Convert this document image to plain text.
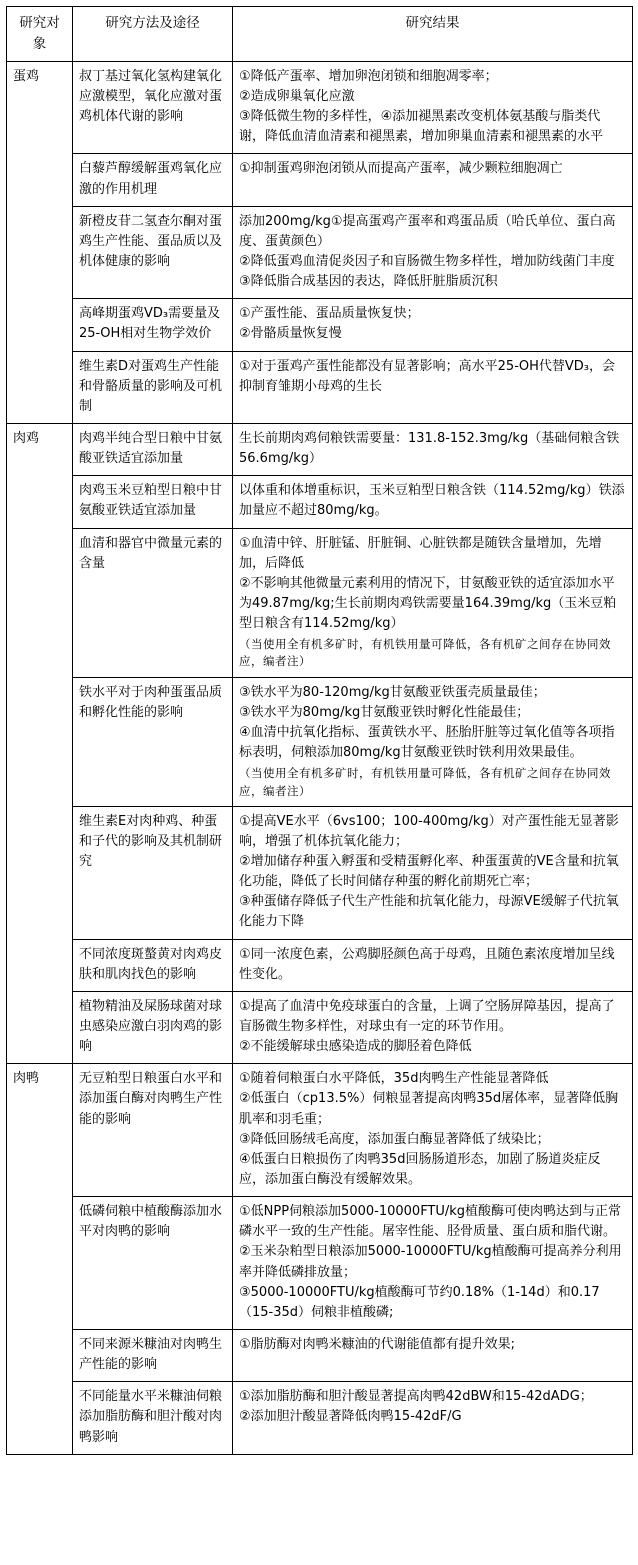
研究对象	研究方法及途径	研究结果
蛋鸡	叔丁基过氧化氢构建氧化应激模型，氧化应激对蛋鸡机体代谢的影响	①降低产蛋率、增加卵泡闭锁和细胞凋零率；
②造成卵巢氧化应激
③降低微生物的多样性，④添加褪黑素改变机体氨基酸与脂类代谢，降低血清血清素和褪黑素，增加卵巢血清素和褪黑素的水平

	白藜芦醇缓解蛋鸡氧化应激的作用机理	①抑制蛋鸡卵泡闭锁从而提高产蛋率，减少颗粒细胞凋亡

	新橙皮苷二氢查尔酮对蛋鸡生产性能、蛋品质以及机体健康的影响	添加200mg/kg①提高蛋鸡产蛋率和鸡蛋品质（哈氏单位、蛋白高度、蛋黄颜色）
②降低蛋鸡血清促炎因子和盲肠微生物多样性，增加防线菌门丰度
③降低脂合成基因的表达，降低肝脏脂质沉积

	高峰期蛋鸡VD₃需要量及25-OH相对生物学效价	①产蛋性能、蛋品质量恢复快；
②骨骼质量恢复慢

	维生素D对蛋鸡生产性能和骨骼质量的影响及可机制	①对于蛋鸡产蛋性能都没有显著影响；高水平25-OH代替VD₃，会抑制育雏期小母鸡的生长

肉鸡	肉鸡半纯合型日粮中甘氨酸亚铁适宜添加量	生长前期肉鸡伺粮铁需要量：131.8-152.3mg/kg（基础伺粮含铁56.6mg/kg）

	肉鸡玉米豆粕型日粮中甘氨酸亚铁适宜添加量	以体重和体增重标识，玉米豆粕型日粮含铁（114.52mg/kg）铁添加量应不超过80mg/kg。

	血清和器官中微量元素的含量	①血清中锌、肝脏锰、肝脏铜、心脏铁都是随铁含量增加，先增加，后降低
②不影响其他微量元素利用的情况下，甘氨酸亚铁的适宜添加水平为49.87mg/kg;生长前期肉鸡铁需要量164.39mg/kg（玉米豆粕型日粮含有114.52mg/kg）
（当使用全有机多矿时，有机铁用量可降低，各有机矿之间存在协同效应，编者注）

	铁水平对于肉种蛋蛋品质和孵化性能的影响	③铁水平为80-120mg/kg甘氨酸亚铁蛋壳质量最佳；
③铁水平为80mg/kg甘氨酸亚铁时孵化性能最佳；
④血清中抗氧化指标、蛋黄铁水平、胚胎肝脏等过氧化值等各项指标表明，伺粮添加80mg/kg甘氨酸亚铁时铁利用效果最佳。
（当使用全有机多矿时，有机铁用量可降低，各有机矿之间存在协同效应，编者注）

	维生素E对肉种鸡、种蛋和子代的影响及其机制研究	①提高VE水平（6vs100；100-400mg/kg）对产蛋性能无显著影响，增强了机体抗氧化能力；
②增加储存种蛋入孵蛋和受精蛋孵化率、种蛋蛋黄的VE含量和抗氧化功能，降低了长时间储存种蛋的孵化前期死亡率；
③种蛋储存降低子代生产性能和抗氧化能力，母源VE缓解子代抗氧化能力下降

	不同浓度斑螯黄对肉鸡皮肤和肌肉找色的影响	①同一浓度色素，公鸡脚胫颜色高于母鸡，且随色素浓度增加呈线性变化。

	植物精油及屎肠球菌对球虫感染应激白羽肉鸡的影响	①提高了血清中免疫球蛋白的含量，上调了空肠屏障基因，提高了盲肠微生物多样性，对球虫有一定的环节作用。
②不能缓解球虫感染造成的脚胫着色降低

肉鸭	无豆粕型日粮蛋白水平和添加蛋白酶对肉鸭生产性能的影响	①随着伺粮蛋白水平降低，35d肉鸭生产性能显著降低
②低蛋白（cp13.5%）伺粮显著提高肉鸭35d屠体率，显著降低胸肌率和羽毛重；
③降低回肠绒毛高度，添加蛋白酶显著降低了绒染比；
④低蛋白日粮损伤了肉鸭35d回肠肠道形态，加剧了肠道炎症反应，添加蛋白酶没有缓解效果。

	低磷伺粮中植酸酶添加水平对肉鸭的影响	①低NPP伺粮添加5000-10000FTU/kg植酸酶可使肉鸭达到与正常磷水平一致的生产性能。屠宰性能、胫骨质量、蛋白质和脂代谢。
②玉米杂粕型日粮添加5000-10000FTU/kg植酸酶可提高养分利用率并降低磷排放量；
③5000-10000FTU/kg植酸酶可节约0.18%（1-14d）和0.17（15-35d）伺粮非植酸磷;

	不同来源米糠油对肉鸭生产性能的影响	①脂肪酶对肉鸭米糠油的代谢能值都有提升效果;

	不同能量水平米糠油伺粮添加脂肪酶和胆汁酸对肉鸭影响	①添加脂肪酶和胆汁酸显著提高肉鸭42dBW和15-42dADG；
②添加胆汁酸显著降低肉鸭15-42dF/G
